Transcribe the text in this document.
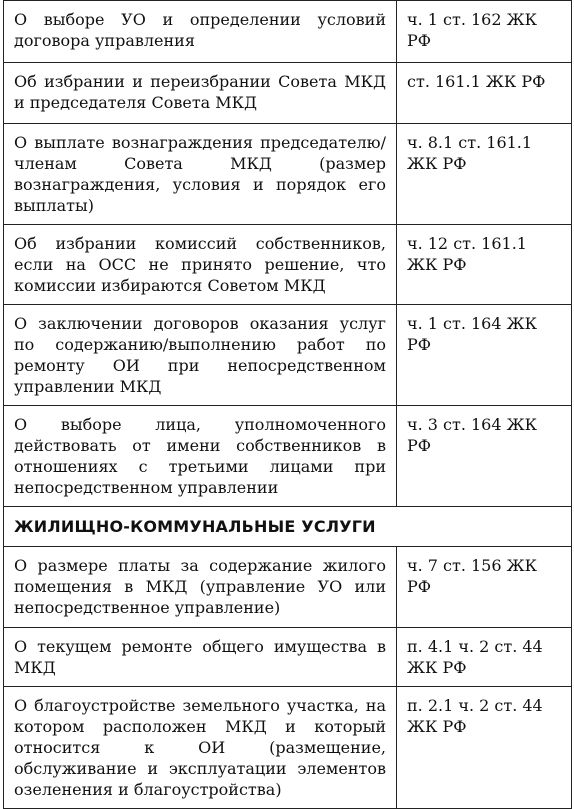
О выборе УО и определении условий договора управления	ч. 1 ст. 162 ЖК РФ

Об избрании и переизбрании Совета МКД и председателя Совета МКД	ст. 161.1 ЖК РФ

О выплате вознаграждения председателю/ членам Совета МКД (размер вознаграждения, условия и порядок его выплаты)	ч. 8.1 ст. 161.1 ЖК РФ

Об избрании комиссий собственников, если на ОСС не принято решение, что комиссии избираются Советом МКД	ч. 12 ст. 161.1 ЖК РФ

О заключении договоров оказания услуг по содержанию/выполнению работ по ремонту ОИ при непосредственном управлении МКД	ч. 1 ст. 164 ЖК РФ

О выборе лица, уполномоченного действовать от имени собственников в отношениях с третьими лицами при непосредственном управлении	ч. 3 ст. 164 ЖК РФ

ЖИЛИЩНО-КОММУНАЛЬНЫЕ УСЛУГИ	

О размере платы за содержание жилого помещения в МКД (управление УО или непосредственное управление)	ч. 7 ст. 156 ЖК РФ

О текущем ремонте общего имущества в МКД	п. 4.1 ч. 2 ст. 44 ЖК РФ

О благоустройстве земельного участка, на котором расположен МКД и который относится к ОИ (размещение, обслуживание и эксплуатации элементов озеленения и благоустройства)	п. 2.1 ч. 2 ст. 44 ЖК РФ
